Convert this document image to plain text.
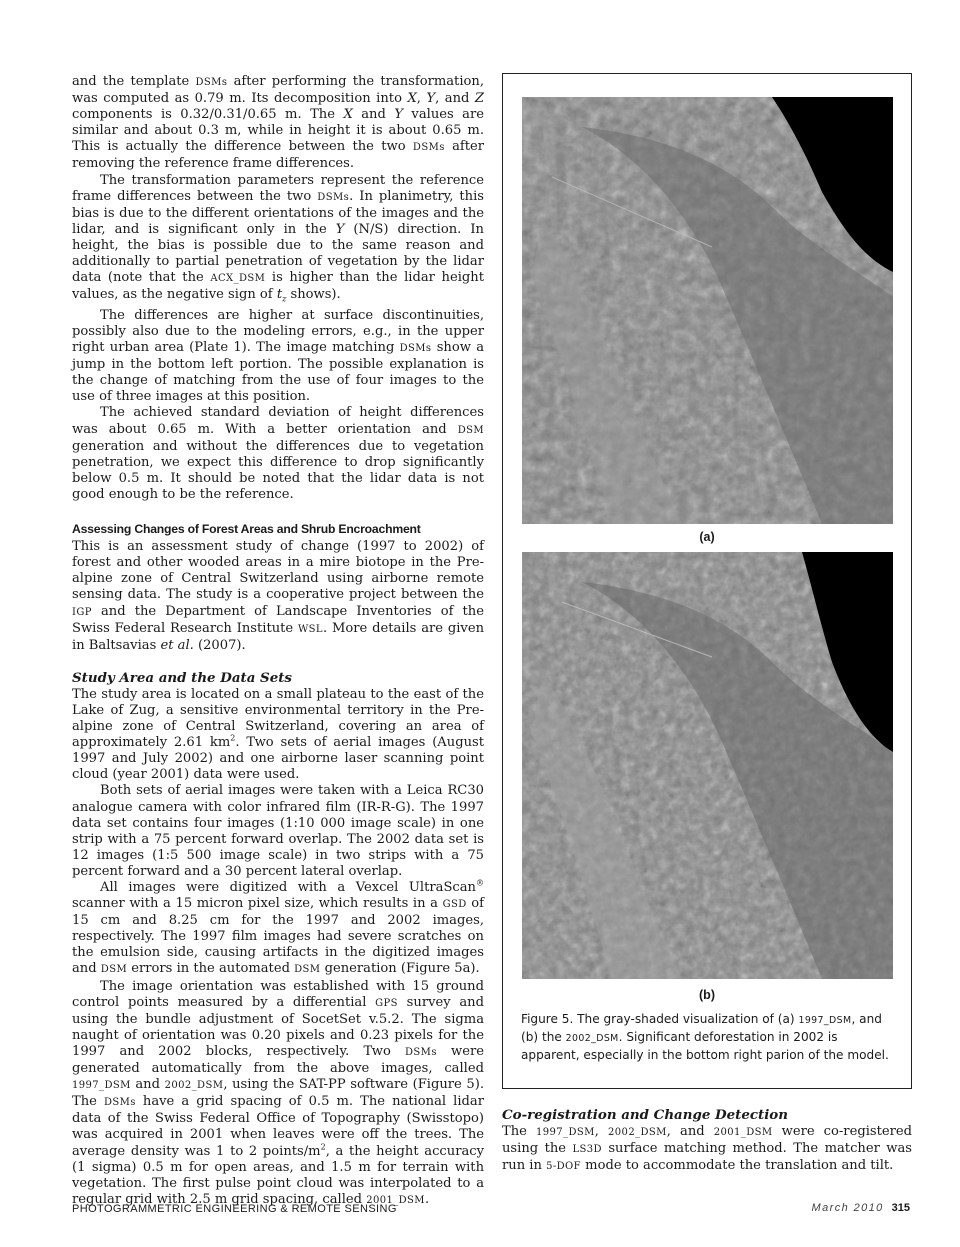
and the template DSMs after performing the transformation, was computed as 0.79 m. Its decomposition into X, Y, and Z components is 0.32/0.31/0.65 m. The X and Y values are similar and about 0.3 m, while in height it is about 0.65 m. This is actually the difference between the two DSMs after removing the reference frame differences.

The transformation parameters represent the reference frame differences between the two DSMs. In planimetry, this bias is due to the different orientations of the images and the lidar, and is significant only in the Y (N/S) direction. In height, the bias is possible due to the same reason and additionally to partial penetration of vegetation by the lidar data (note that the ACX_DSM is higher than the lidar height values, as the negative sign of $t_z$ shows).

The differences are higher at surface discontinuities, possibly also due to the modeling errors, e.g., in the upper right urban area (Plate 1). The image matching DSMs show a jump in the bottom left portion. The possible explanation is the change of matching from the use of four images to the use of three images at this position.

The achieved standard deviation of height differences was about 0.65 m. With a better orientation and DSM generation and without the differences due to vegetation penetration, we expect this difference to drop significantly below 0.5 m. It should be noted that the lidar data is not good enough to be the reference.

Assessing Changes of Forest Areas and Shrub Encroachment

This is an assessment study of change (1997 to 2002) of forest and other wooded areas in a mire biotope in the Pre-alpine zone of Central Switzerland using airborne remote sensing data. The study is a cooperative project between the IGP and the Department of Landscape Inventories of the Swiss Federal Research Institute WSL. More details are given in Baltsavias et al. (2007).

Study Area and the Data Sets

The study area is located on a small plateau to the east of the Lake of Zug, a sensitive environmental territory in the Pre-alpine zone of Central Switzerland, covering an area of approximately 2.61 $km^2$. Two sets of aerial images (August 1997 and July 2002) and one airborne laser scanning point cloud (year 2001) data were used.

Both sets of aerial images were taken with a Leica RC30 analogue camera with color infrared film (IR-R-G). The 1997 data set contains four images (1:10 000 image scale) in one strip with a 75 percent forward overlap. The 2002 data set is 12 images (1:5 500 image scale) in two strips with a 75 percent forward and a 30 percent lateral overlap.

All images were digitized with a Vexcel UltraScan® scanner with a 15 micron pixel size, which results in a GSD of 15 cm and 8.25 cm for the 1997 and 2002 images, respectively. The 1997 film images had severe scratches on the emulsion side, causing artifacts in the digitized images and DSM errors in the automated DSM generation (Figure 5a).

The image orientation was established with 15 ground control points measured by a differential GPS survey and using the bundle adjustment of SocetSet v.5.2. The sigma naught of orientation was 0.20 pixels and 0.23 pixels for the 1997 and 2002 blocks, respectively. Two DSMs were generated automatically from the above images, called 1997_DSM and 2002_DSM, using the SAT-PP software (Figure 5). The DSMs have a grid spacing of 0.5 m. The national lidar data of the Swiss Federal Office of Topography (Swisstopo) was acquired in 2001 when leaves were off the trees. The average density was 1 to 2 points/$m^2$, a the height accuracy (1 sigma) 0.5 m for open areas, and 1.5 m for terrain with vegetation. The first pulse point cloud was interpolated to a regular grid with 2.5 m grid spacing, called 2001_DSM.

(a)
(b)
Figure 5. The gray-shaded visualization of (a) 1997_DSM, and (b) the 2002_DSM. Significant deforestation in 2002 is apparent, especially in the bottom right parion of the model.

Co-registration and Change Detection

The 1997_DSM, 2002_DSM, and 2001_DSM were co-registered using the LS3D surface matching method. The matcher was run in 5-DOF mode to accommodate the translation and tilt.

PHOTOGRAMMETRIC ENGINEERING & REMOTE SENSING	March 2010 315
